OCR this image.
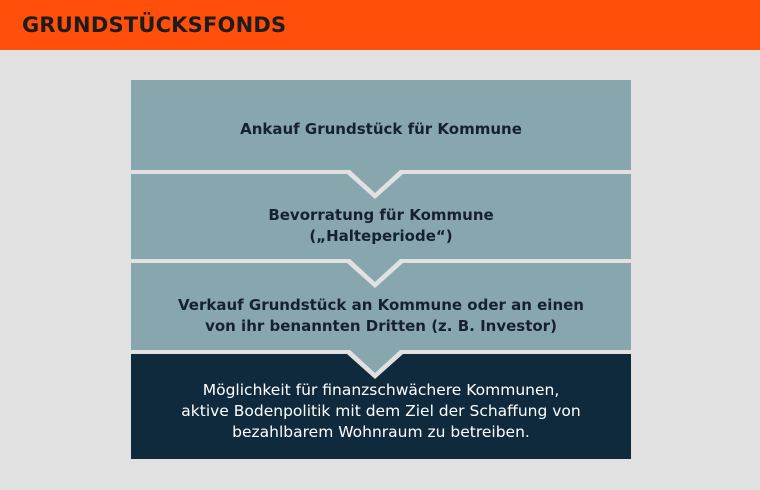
GRUNDSTÜCKSFONDS
Ankauf Grundstück für Kommune
Bevorratung für Kommune
(„Halteperiode“)
Verkauf Grundstück an Kommune oder an einen
von ihr benannten Dritten (z. B. Investor)
Möglichkeit für finanzschwächere Kommunen,
aktive Bodenpolitik mit dem Ziel der Schaffung von
bezahlbarem Wohnraum zu betreiben.
